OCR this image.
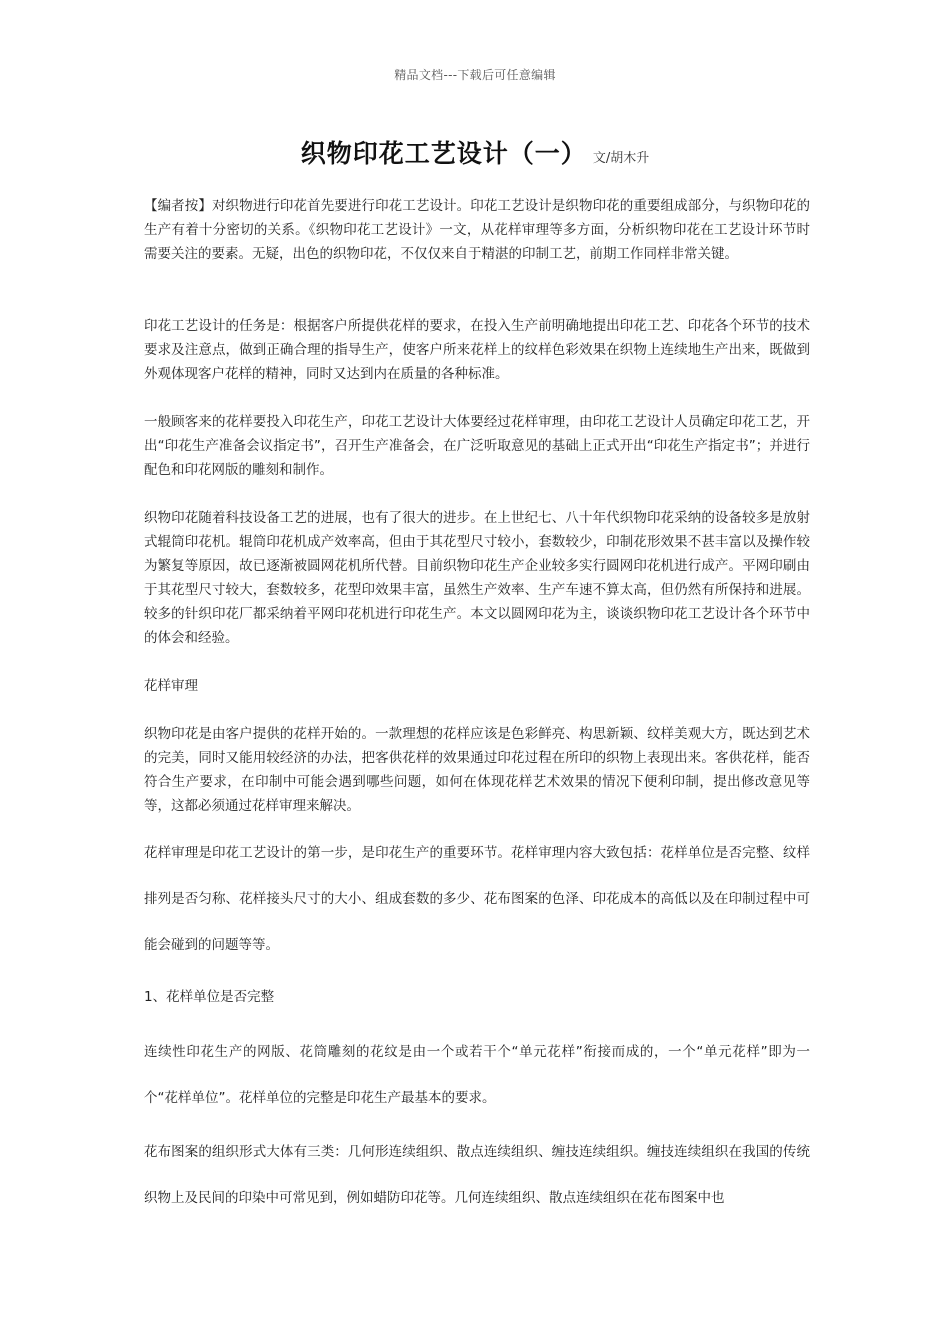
精品文档---下载后可任意编辑
织物印花工艺设计（一） 文/胡木升

【编者按】对织物进行印花首先要进行印花工艺设计。印花工艺设计是织物印花的重要组成部分，与织物印花的生产有着十分密切的关系。《织物印花工艺设计》一文，从花样审理等多方面，分析织物印花在工艺设计环节时需要关注的要素。无疑，出色的织物印花，不仅仅来自于精湛的印制工艺，前期工作同样非常关键。

印花工艺设计的任务是：根据客户所提供花样的要求，在投入生产前明确地提出印花工艺、印花各个环节的技术要求及注意点，做到正确合理的指导生产，使客户所来花样上的纹样色彩效果在织物上连续地生产出来，既做到外观体现客户花样的精神，同时又达到内在质量的各种标准。

一般顾客来的花样要投入印花生产，印花工艺设计大体要经过花样审理，由印花工艺设计人员确定印花工艺，开出“印花生产准备会议指定书”，召开生产准备会，在广泛听取意见的基础上正式开出“印花生产指定书”；并进行配色和印花网版的雕刻和制作。

织物印花随着科技设备工艺的进展，也有了很大的进步。在上世纪七、八十年代织物印花采纳的设备较多是放射式辊筒印花机。辊筒印花机成产效率高，但由于其花型尺寸较小，套数较少，印制花形效果不甚丰富以及操作较为繁复等原因，故已逐渐被圆网花机所代替。目前织物印花生产企业较多实行圆网印花机进行成产。平网印刷由于其花型尺寸较大，套数较多，花型印效果丰富，虽然生产效率、生产车速不算太高，但仍然有所保持和进展。较多的针织印花厂都采纳着平网印花机进行印花生产。本文以圆网印花为主，谈谈织物印花工艺设计各个环节中的体会和经验。

花样审理

织物印花是由客户提供的花样开始的。一款理想的花样应该是色彩鲜亮、构思新颖、纹样美观大方，既达到艺术的完美，同时又能用较经济的办法，把客供花样的效果通过印花过程在所印的织物上表现出来。客供花样，能否符合生产要求，在印制中可能会遇到哪些问题，如何在体现花样艺术效果的情况下便利印制，提出修改意见等等，这都必须通过花样审理来解决。

花样审理是印花工艺设计的第一步，是印花生产的重要环节。花样审理内容大致包括：花样单位是否完整、纹样排列是否匀称、花样接头尺寸的大小、组成套数的多少、花布图案的色泽、印花成本的高低以及在印制过程中可能会碰到的问题等等。

1、花样单位是否完整

连续性印花生产的网版、花筒雕刻的花纹是由一个或若干个“单元花样”衔接而成的，一个“单元花样”即为一个“花样单位”。花样单位的完整是印花生产最基本的要求。

花布图案的组织形式大体有三类：几何形连续组织、散点连续组织、缠技连续组织。缠技连续组织在我国的传统织物上及民间的印染中可常见到，例如蜡防印花等。几何连续组织、散点连续组织在花布图案中也
